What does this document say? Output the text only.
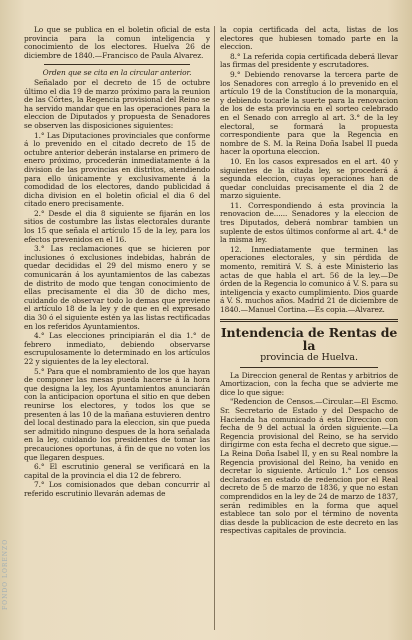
Lo que se publica en el boletin oficial de esta provincia para la comun inteligencia y conocimiento de los electores. Huelva 26 de diciembre de 1840.—Francisco de Paula Alvarez.

Orden que se cita en la circular anterior.

Señalado por el decreto de 15 de octubre último el dia 19 de marzo próximo para la reunion de las Córtes, la Regencia provisional del Reino se ha servido mandar que en las operaciones para la eleccion de Diputados y propuesta de Senadores se observen las disposiciones siguientes:

1.° Las Diputaciones provinciales que conforme á lo prevenido en el citado decreto de 15 de octubre anterior deberán instalarse en primero de enero próximo, procederán inmediatamente á la division de las provincias en distritos, atendiendo para ello únicamente y exclusivamente á la comodidad de los electores, dando publicidad á dicha division en el boletin oficial el dia 6 del citado enero precisamente.

2.° Desde el dia 8 siguiente se fijarán en los sitios de costumbre las listas electorales durante los 15 que señala el artículo 15 de la ley, para los efectos prevenidos en el 16.

3.° Las reclamaciones que se hicieren por inclusiones ó exclusiones indebidas, habrán de quedar decididas el 29 del mismo enero y se comunicarán á los ayuntamientos de las cabezas de distrito de modo que tengan conocimiento de ellas precisamente el dia 30 de dicho mes, cuidando de observar todo lo demas que previene el artículo 18 de la ley y de que en el expresado dia 30 ó el siguiente estén ya las listas rectificadas en los referidos Ayuntamientos.

4.° Las elecciones principiarán el dia 1.° de febrero inmediato, debiendo observarse escrupulosamente lo determinado en los artículos 22 y siguientes de la ley electoral.

5.° Para que el nombramiento de los que hayan de componer las mesas pueda hacerse á la hora que designa la ley, los Ayuntamientos anunciarán con la anticipacion oportuna el sitio en que deben reunirse los electores, y todos los que se presenten á las 10 de la mañana estuvieren dentro del local destinado para la eleccion, sin que pueda ser admitido ninguno despues de la hora señalada en la ley, cuidando los presidentes de tomar las precauciones oportunas, á fin de que no voten los que llegaren despues.

6.° El escrutinio general se verificará en la capital de la provincia el dia 12 de febrero.

7.° Los comisionados que deban concurrir al referido escrutinio llevarán ademas de

la copia certificada del acta, listas de los electores que hubiesen tomado parte en la eleccion.

8.° La referida copia certificada deberá llevar las firmas del presidente y escrutadores.

9.° Debiendo renovarse la tercera parte de los Senadores con arreglo á lo prevenido en el artículo 19 de la Constitucion de la monarquía, y debiendo tocarle la suerte para la renovacion de los de esta provincia en el sorteo celebrado en el Senado con arreglo al art. 3.° de la ley electoral, se formará la propuesta correspondiente para que la Regencia en nombre de S. M. la Reina Doña Isabel II pueda hacer la oportuna eleccion.

10. En los casos expresados en el art. 40 y siguientes de la citada ley, se procederá á segunda eleccion, cuyas operaciones han de quedar concluidas precisamente el dia 2 de marzo siguiente.

11. Correspondiendo á esta provincia la renovacion de...... Senadores y la eleccion de tres Diputados, deberá nombrar tambien un suplente de estos últimos conforme al art. 4.° de la misma ley.

12. Inmediatamente que terminen las operaciones electorales, y sin pérdida de momento, remitirá V. S. á este Ministerio las actas de que habla el art. 56 de la ley.—De órden de la Regencia lo comunico á V. S. para su inteligencia y exacto cumplimiento. Dios guarde á V. S. muchos años. Madrid 21 de diciembre de 1840.—Manuel Cortina.—Es copia.—Alvarez.

Intendencia de Rentas de la
provincia de Huelva.

La Direccion general de Rentas y arbitrios de Amortizacion, con la fecha que se advierte me dice lo que sigue:

"Redencion de Censos.—Circular.—El Escmo. Sr. Secretario de Estado y del Despacho de Hacienda ha comunicado á esta Direccion con fecha de 9 del actual la órden siguiente.—La Regencia provisional del Reino, se ha servido dirigirme con esta fecha el decreto que sigue.—La Reina Doña Isabel II, y en su Real nombre la Regencia provisional del Reino, ha venido en decretar lo siguiente. Artículo 1.° Los censos declarados en estado de redencion por el Real decreto de 5 de marzo de 1836, y que no estan comprendidos en la ley de 24 de marzo de 1837, serán redimibles en la forma que aquel establece tan solo por el término de noventa dias desde la publicacion de este decreto en las respectivas capitales de provincia.

FONDO LORENZO
